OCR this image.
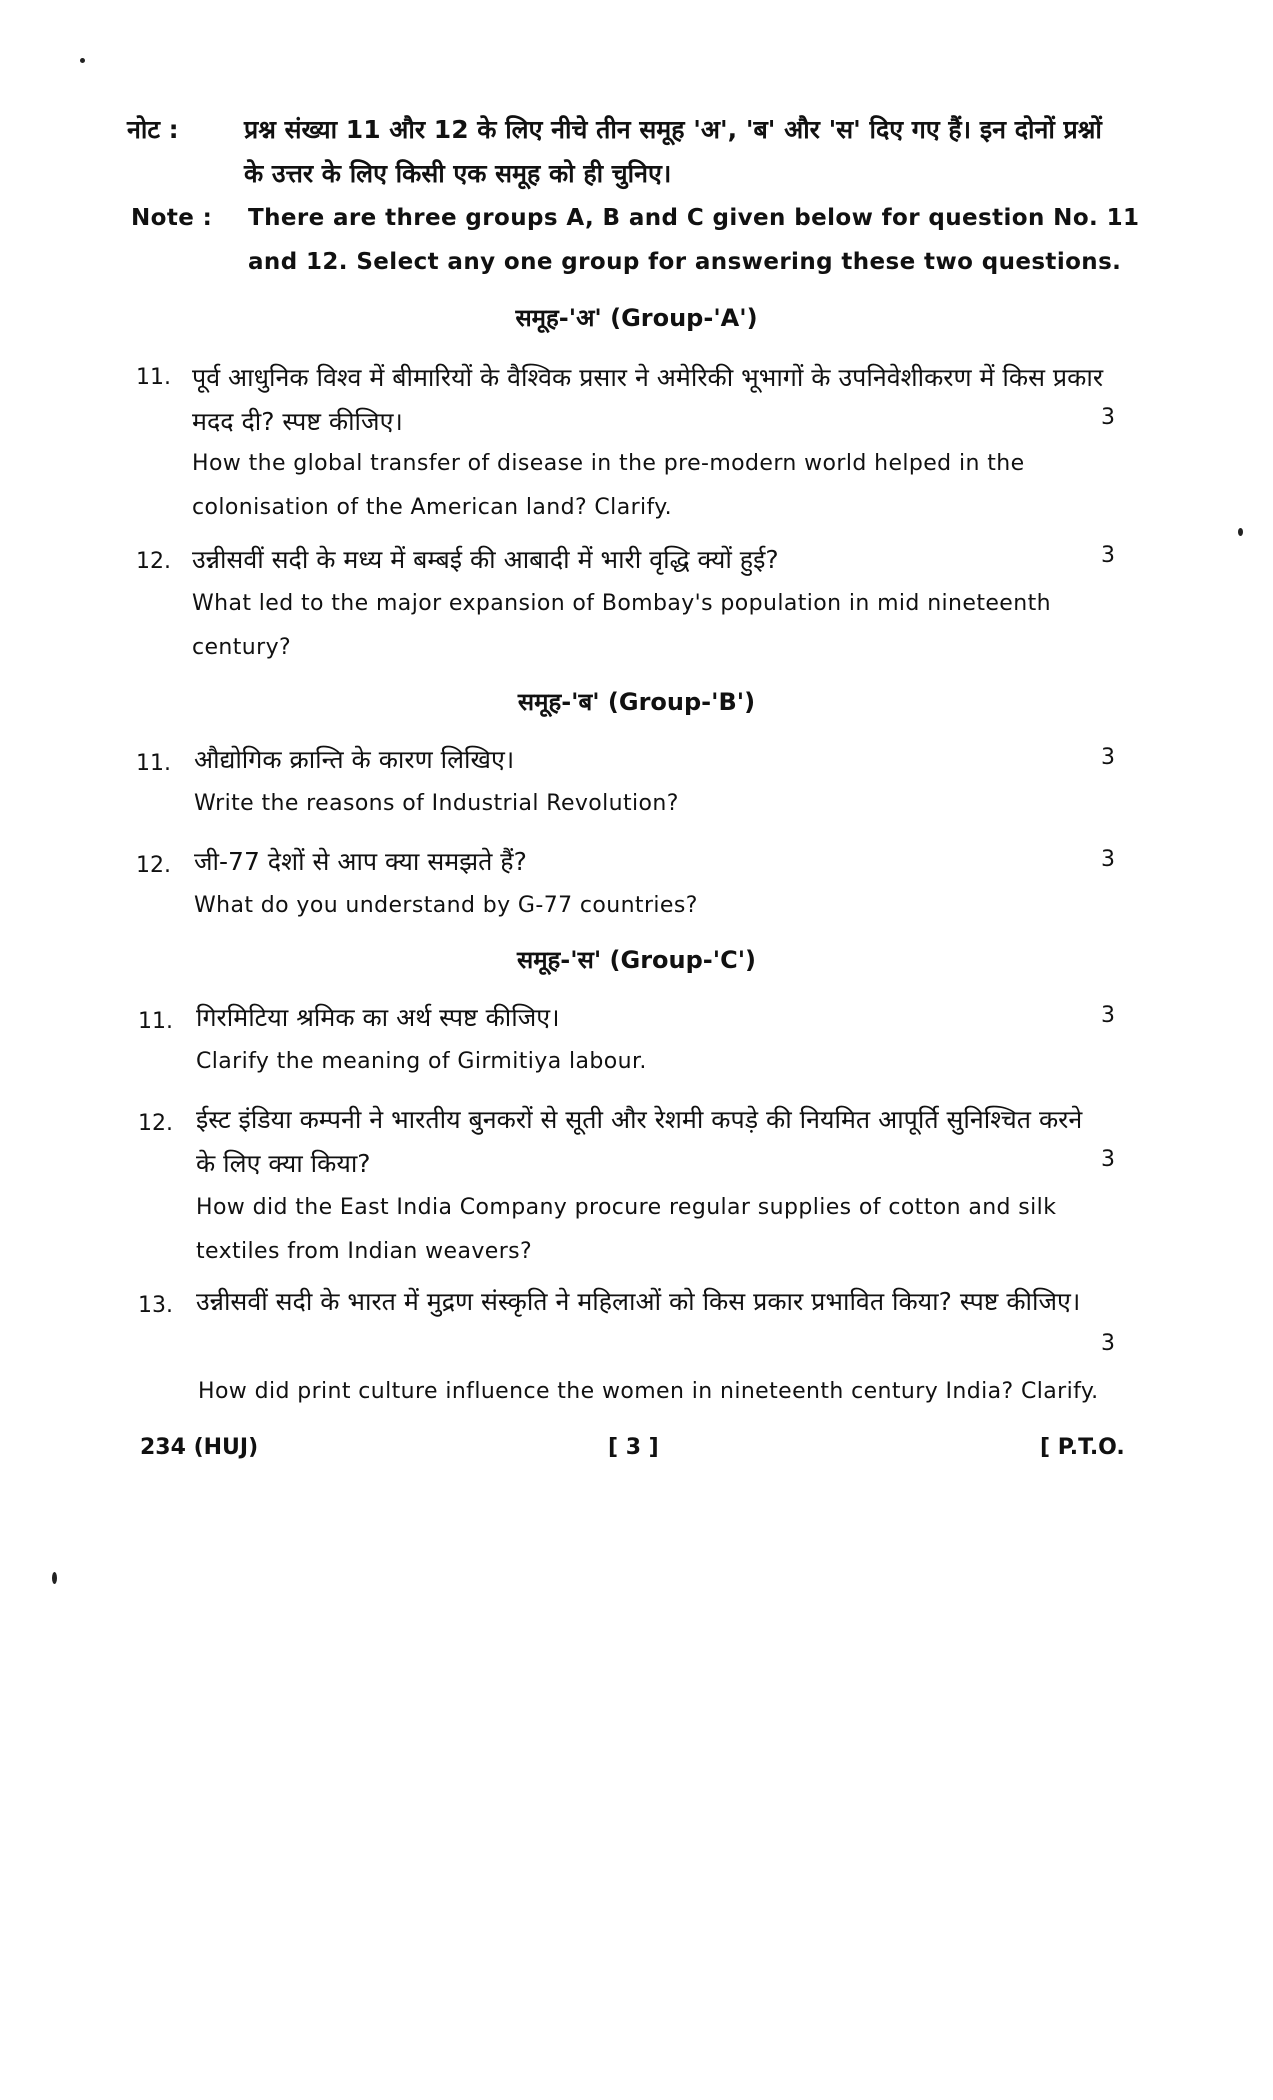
नोट :	प्रश्न संख्या 11 और 12 के लिए नीचे तीन समूह 'अ', 'ब' और 'स' दिए गए हैं। इन दोनों प्रश्नों
के उत्तर के लिए किसी एक समूह को ही चुनिए।
Note : There are three groups A, B and C given below for question No. 11
and 12. Select any one group for answering these two questions.
समूह-'अ' (Group-'A')
11. पूर्व आधुनिक विश्व में बीमारियों के वैश्विक प्रसार ने अमेरिकी भूभागों के उपनिवेशीकरण में किस प्रकार
मदद दी? स्पष्ट कीजिए।	3
How the global transfer of disease in the pre-modern world helped in the
colonisation of the American land? Clarify.
12. उन्नीसवीं सदी के मध्य में बम्बई की आबादी में भारी वृद्धि क्यों हुई?	3
What led to the major expansion of Bombay's population in mid nineteenth
century?
समूह-'ब' (Group-'B')
11. औद्योगिक क्रान्ति के कारण लिखिए।	3
Write the reasons of Industrial Revolution?
12. जी-77 देशों से आप क्या समझते हैं?	3
What do you understand by G-77 countries?
समूह-'स' (Group-'C')
11. गिरमिटिया श्रमिक का अर्थ स्पष्ट कीजिए।	3
Clarify the meaning of Girmitiya labour.
12. ईस्ट इंडिया कम्पनी ने भारतीय बुनकरों से सूती और रेशमी कपड़े की नियमित आपूर्ति सुनिश्चित करने
के लिए क्या किया?	3
How did the East India Company procure regular supplies of cotton and silk
textiles from Indian weavers?
13. उन्नीसवीं सदी के भारत में मुद्रण संस्कृति ने महिलाओं को किस प्रकार प्रभावित किया? स्पष्ट कीजिए।
3
How did print culture influence the women in nineteenth century India? Clarify.
234 (HUJ)	[ 3 ]	[ P.T.O.
